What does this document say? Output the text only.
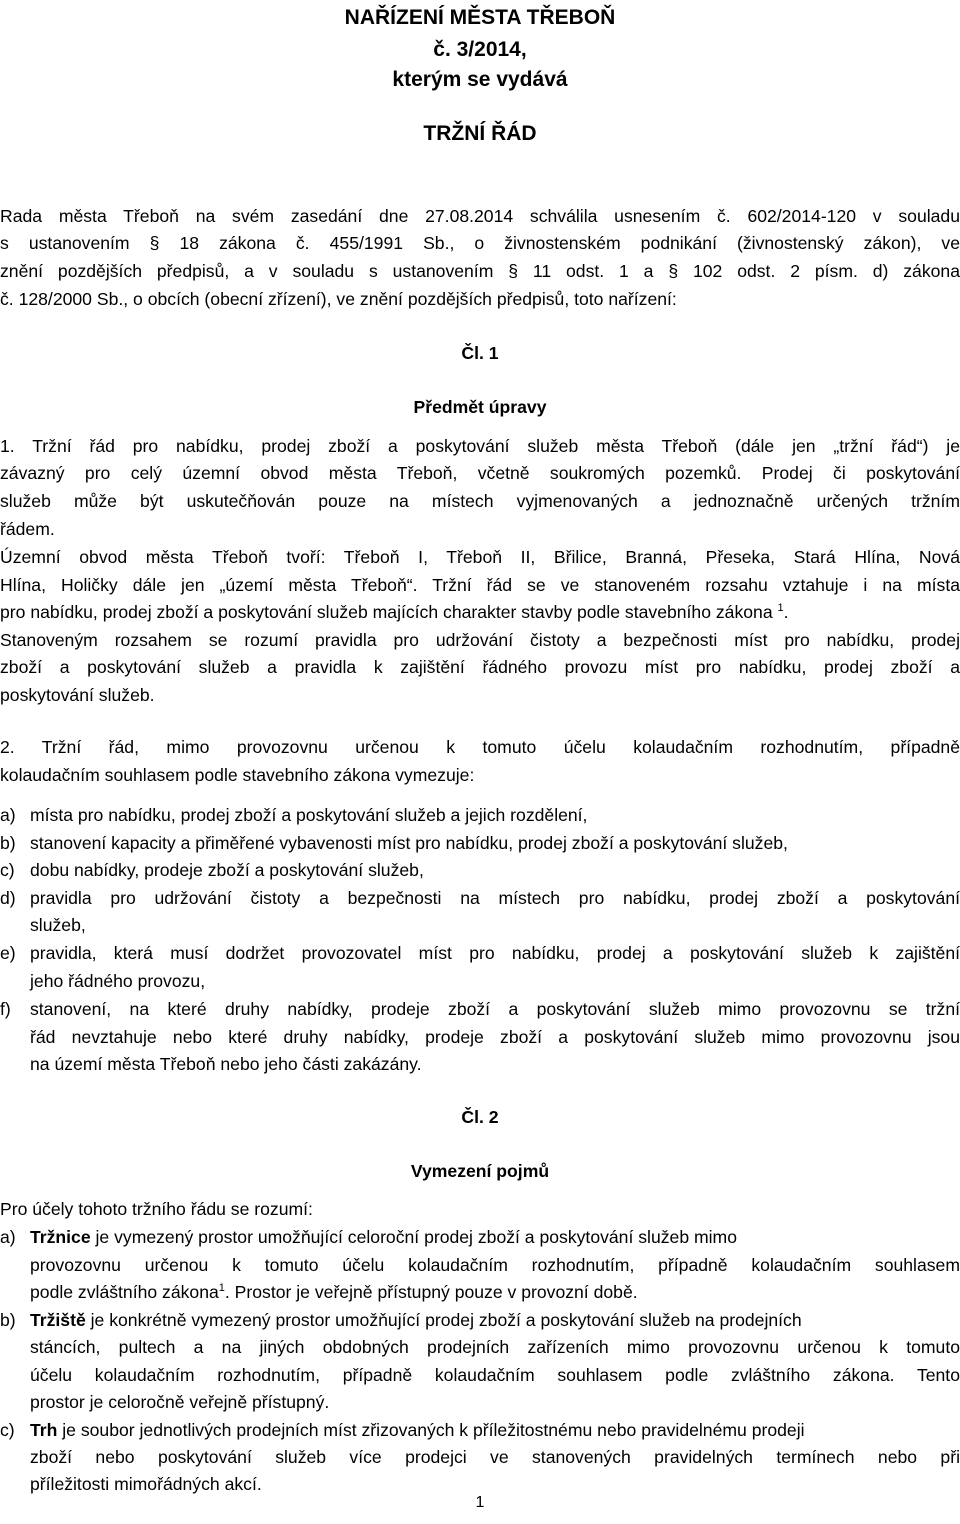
NAŘÍZENÍ MĚSTA TŘEBOŇ
č. 3/2014,
kterým se vydává
TRŽNÍ ŘÁD
Rada města Třeboň na svém zasedání dne 27.08.2014 schválila usnesením č. 602/2014-120 v souladu
s ustanovením § 18 zákona č. 455/1991 Sb., o živnostenském podnikání (živnostenský zákon), ve
znění pozdějších předpisů, a v souladu s ustanovením § 11 odst. 1 a § 102 odst. 2 písm. d) zákona
č. 128/2000 Sb., o obcích (obecní zřízení), ve znění pozdějších předpisů, toto nařízení:
Čl. 1
Předmět úpravy
1. Tržní řád pro nabídku, prodej zboží a poskytování služeb města Třeboň (dále jen „tržní řád“) je
závazný pro celý územní obvod města Třeboň, včetně soukromých pozemků. Prodej či poskytování
služeb může být uskutečňován pouze na místech vyjmenovaných a jednoznačně určených tržním
řádem.
Územní obvod města Třeboň tvoří: Třeboň I, Třeboň II, Břilice, Branná, Přeseka, Stará Hlína, Nová
Hlína, Holičky dále jen „území města Třeboň“. Tržní řád se ve stanoveném rozsahu vztahuje i na místa
pro nabídku, prodej zboží a poskytování služeb majících charakter stavby podle stavebního zákona $^1$.
Stanoveným rozsahem se rozumí pravidla pro udržování čistoty a bezpečnosti míst pro nabídku, prodej
zboží a poskytování služeb a pravidla k zajištění řádného provozu míst pro nabídku, prodej zboží a
poskytování služeb.
2. Tržní řád, mimo provozovnu určenou k tomuto účelu kolaudačním rozhodnutím, případně
kolaudačním souhlasem podle stavebního zákona vymezuje:
a) místa pro nabídku, prodej zboží a poskytování služeb a jejich rozdělení,
b) stanovení kapacity a přiměřené vybavenosti míst pro nabídku, prodej zboží a poskytování služeb,
c) dobu nabídky, prodeje zboží a poskytování služeb,
d) pravidla pro udržování čistoty a bezpečnosti na místech pro nabídku, prodej zboží a poskytování
služeb,
e) pravidla, která musí dodržet provozovatel míst pro nabídku, prodej a poskytování služeb k zajištění
jeho řádného provozu,
f) stanovení, na které druhy nabídky, prodeje zboží a poskytování služeb mimo provozovnu se tržní
řád nevztahuje nebo které druhy nabídky, prodeje zboží a poskytování služeb mimo provozovnu jsou
na území města Třeboň nebo jeho části zakázány.
Čl. 2
Vymezení pojmů
Pro účely tohoto tržního řádu se rozumí:
a) Tržnice je vymezený prostor umožňující celoroční prodej zboží a poskytování služeb mimo
provozovnu určenou k tomuto účelu kolaudačním rozhodnutím, případně kolaudačním souhlasem
podle zvláštního zákona$^1$. Prostor je veřejně přístupný pouze v provozní době.
b) Tržiště je konkrétně vymezený prostor umožňující prodej zboží a poskytování služeb na prodejních
stáncích, pultech a na jiných obdobných prodejních zařízeních mimo provozovnu určenou k tomuto
účelu kolaudačním rozhodnutím, případně kolaudačním souhlasem podle zvláštního zákona. Tento
prostor je celoročně veřejně přístupný.
c) Trh je soubor jednotlivých prodejních míst zřizovaných k příležitostnému nebo pravidelnému prodeji
zboží nebo poskytování služeb více prodejci ve stanovených pravidelných termínech nebo při
příležitosti mimořádných akcí.
1
